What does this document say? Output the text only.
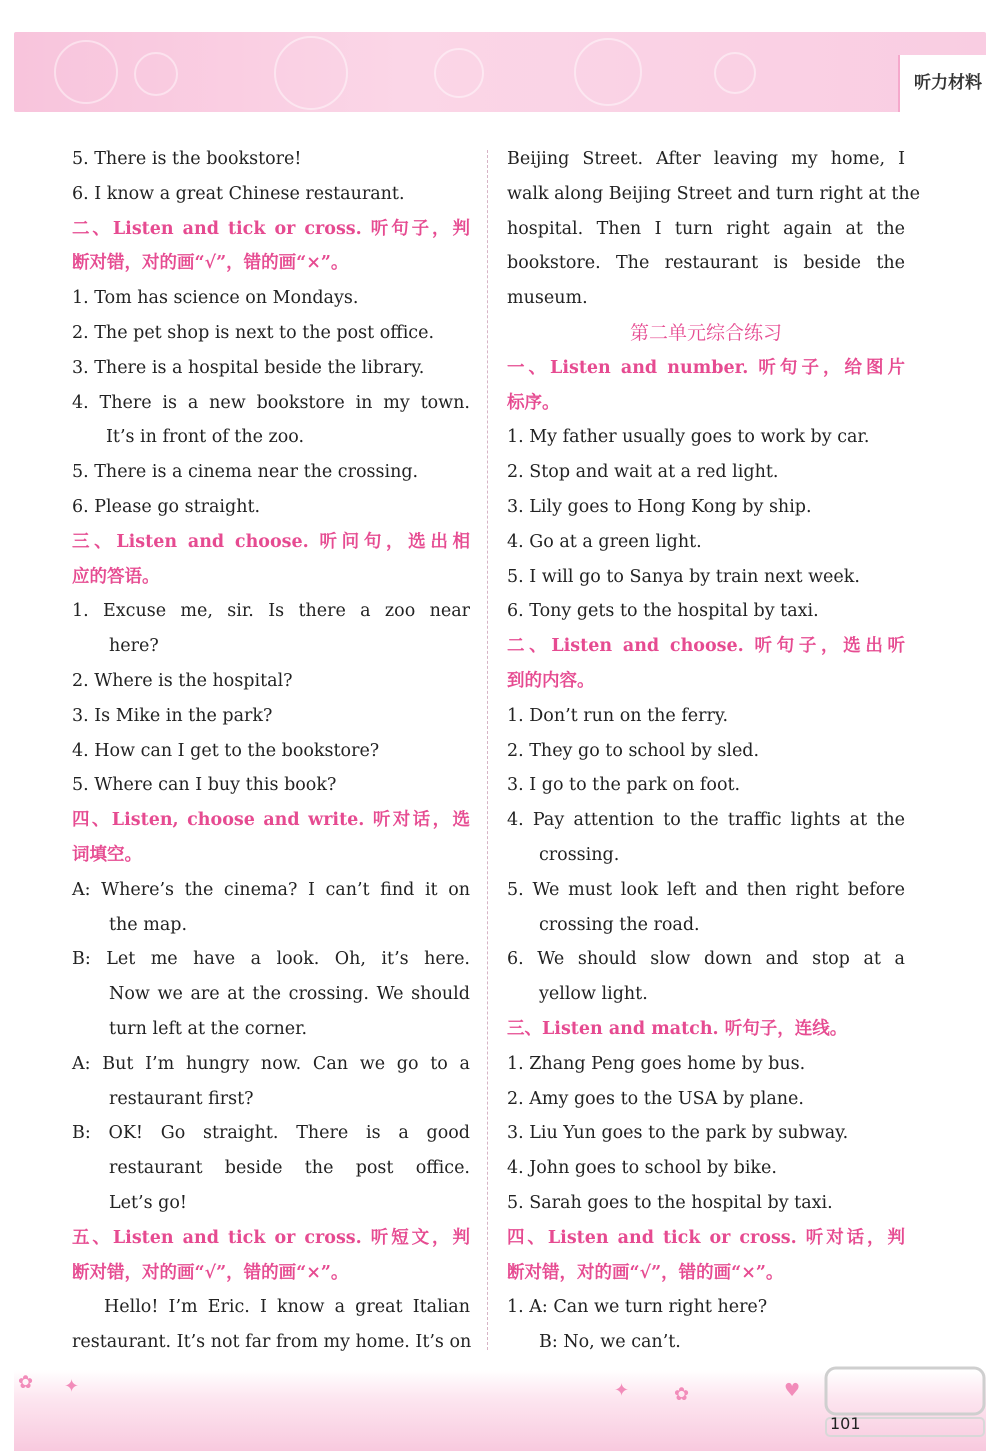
听力材料
5. There is the bookstore!
6. I know a great Chinese restaurant.
二、Listen and tick or cross. 听句子，判
断对错，对的画“√”，错的画“×”。
1. Tom has science on Mondays.
2. The pet shop is next to the post office.
3. There is a hospital beside the library.
4. There is a new bookstore in my town.
It’s in front of the zoo.
5. There is a cinema near the crossing.
6. Please go straight.
三、Listen and choose. 听问句，选出相
应的答语。
1. Excuse me, sir. Is there a zoo near
here?
2. Where is the hospital?
3. Is Mike in the park?
4. How can I get to the bookstore?
5. Where can I buy this book?
四、Listen, choose and write. 听对话，选
词填空。
A: Where’s the cinema? I can’t find it on
the map.
B: Let me have a look. Oh, it’s here.
Now we are at the crossing. We should
turn left at the corner.
A: But I’m hungry now. Can we go to a
restaurant first?
B: OK! Go straight. There is a good
restaurant beside the post office.
Let’s go!
五、Listen and tick or cross. 听短文，判
断对错，对的画“√”，错的画“×”。
Hello! I’m Eric. I know a great Italian
restaurant. It’s not far from my home. It’s on
Beijing Street. After leaving my home, I
walk along Beijing Street and turn right at the
hospital. Then I turn right again at the
bookstore. The restaurant is beside the
museum.
第二单元综合练习
一、Listen and number. 听句子，给图片
标序。
1. My father usually goes to work by car.
2. Stop and wait at a red light.
3. Lily goes to Hong Kong by ship.
4. Go at a green light.
5. I will go to Sanya by train next week.
6. Tony gets to the hospital by taxi.
二、Listen and choose. 听句子，选出听
到的内容。
1. Don’t run on the ferry.
2. They go to school by sled.
3. I go to the park on foot.
4. Pay attention to the traffic lights at the
crossing.
5. We must look left and then right before
crossing the road.
6. We should slow down and stop at a
yellow light.
三、Listen and match. 听句子，连线。
1. Zhang Peng goes home by bus.
2. Amy goes to the USA by plane.
3. Liu Yun goes to the park by subway.
4. John goes to school by bike.
5. Sarah goes to the hospital by taxi.
四、Listen and tick or cross. 听对话，判
断对错，对的画“√”，错的画“×”。
1. A: Can we turn right here?
B: No, we can’t.
✿ ✦	✦ ✿	♥
101
